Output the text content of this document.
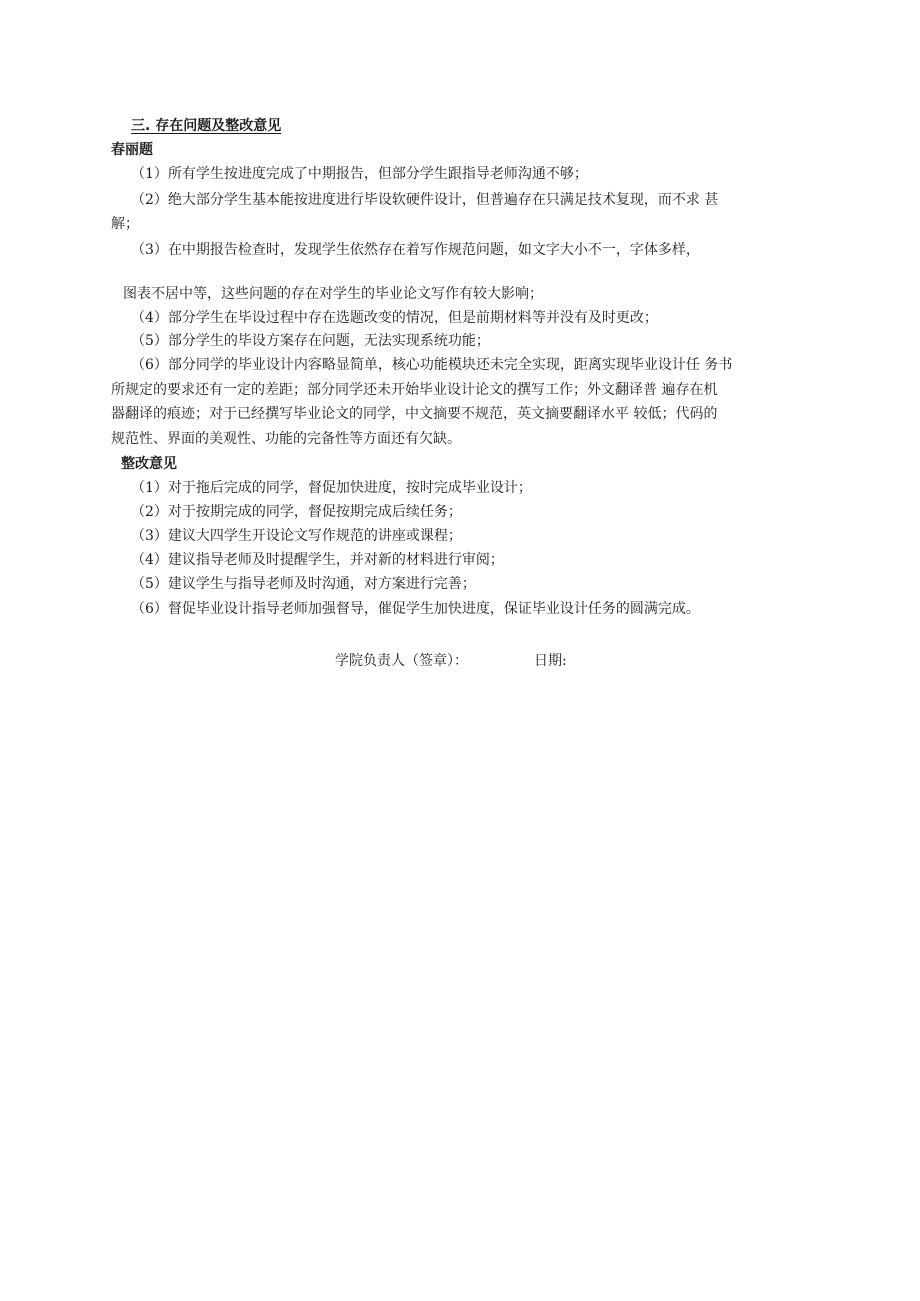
三. 存在问题及整改意见
春丽题
（1）所有学生按进度完成了中期报告，但部分学生跟指导老师沟通不够；
（2）绝大部分学生基本能按进度进行毕设软硬件设计，但普遍存在只满足技术复现，而不求 甚
解；
（3）在中期报告检查时，发现学生依然存在着写作规范问题，如文字大小不一，字体多样，
图表不居中等，这些问题的存在对学生的毕业论文写作有较大影响；
（4）部分学生在毕设过程中存在选题改变的情况，但是前期材料等并没有及时更改；
（5）部分学生的毕设方案存在问题，无法实现系统功能；
（6）部分同学的毕业设计内容略显简单，核心功能模块还未完全实现，距离实现毕业设计任 务书
所规定的要求还有一定的差距；部分同学还未开始毕业设计论文的撰写工作；外文翻译普 遍存在机
器翻译的痕迹；对于已经撰写毕业论文的同学，中文摘要不规范，英文摘要翻译水平 较低；代码的
规范性、界面的美观性、功能的完备性等方面还有欠缺。
整改意见
（1）对于拖后完成的同学，督促加快进度，按时完成毕业设计；
（2）对于按期完成的同学，督促按期完成后续任务；
（3）建议大四学生开设论文写作规范的讲座或课程；
（4）建议指导老师及时提醒学生，并对新的材料进行审阅；
（5）建议学生与指导老师及时沟通，对方案进行完善；
（6）督促毕业设计指导老师加强督导，催促学生加快进度，保证毕业设计任务的圆满完成。
学院负责人（签章）：	日期:
